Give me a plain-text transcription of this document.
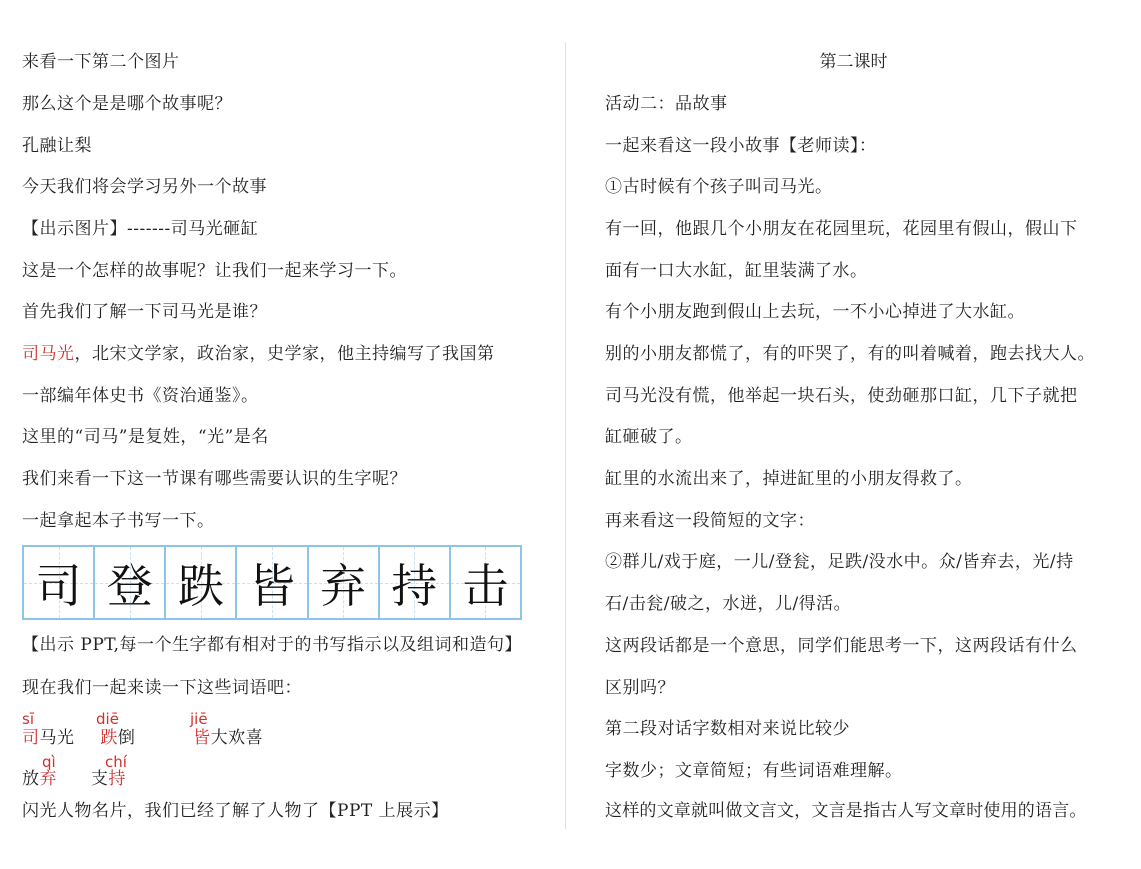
来看一下第二个图片
那么这个是是哪个故事呢？
孔融让梨
今天我们将会学习另外一个故事
【出示图片】-------司马光砸缸
这是一个怎样的故事呢？让我们一起来学习一下。
首先我们了解一下司马光是谁？
司马光，北宋文学家，政治家，史学家，他主持编写了我国第
一部编年体史书《资治通鉴》。
这里的“司马”是复姓，“光”是名
我们来看一下这一节课有哪些需要认识的生字呢？
一起拿起本子书写一下。
司 登 跌 皆 弃 持 击
【出示 PPT,每一个生字都有相对于的书写指示以及组词和造句】
现在我们一起来读一下这些词语吧：
sī	diē	jiē
司马光 跌倒	皆大欢喜
qì	chí
放弃 支持
闪光人物名片，我们已经了解了人物了【PPT 上展示】
第二课时
活动二：品故事
一起来看这一段小故事【老师读】：
①古时候有个孩子叫司马光。
有一回，他跟几个小朋友在花园里玩，花园里有假山，假山下
面有一口大水缸，缸里装满了水。
有个小朋友跑到假山上去玩，一不小心掉进了大水缸。
别的小朋友都慌了，有的吓哭了，有的叫着喊着，跑去找大人。
司马光没有慌，他举起一块石头，使劲砸那口缸，几下子就把
缸砸破了。
缸里的水流出来了，掉进缸里的小朋友得救了。
再来看这一段简短的文字：
②群儿/戏于庭，一儿/登瓮，足跌/没水中。众/皆弃去，光/持
石/击瓮/破之，水迸，儿/得活。
这两段话都是一个意思，同学们能思考一下，这两段话有什么
区别吗？
第二段对话字数相对来说比较少
字数少；文章简短；有些词语难理解。
这样的文章就叫做文言文，文言是指古人写文章时使用的语言。
